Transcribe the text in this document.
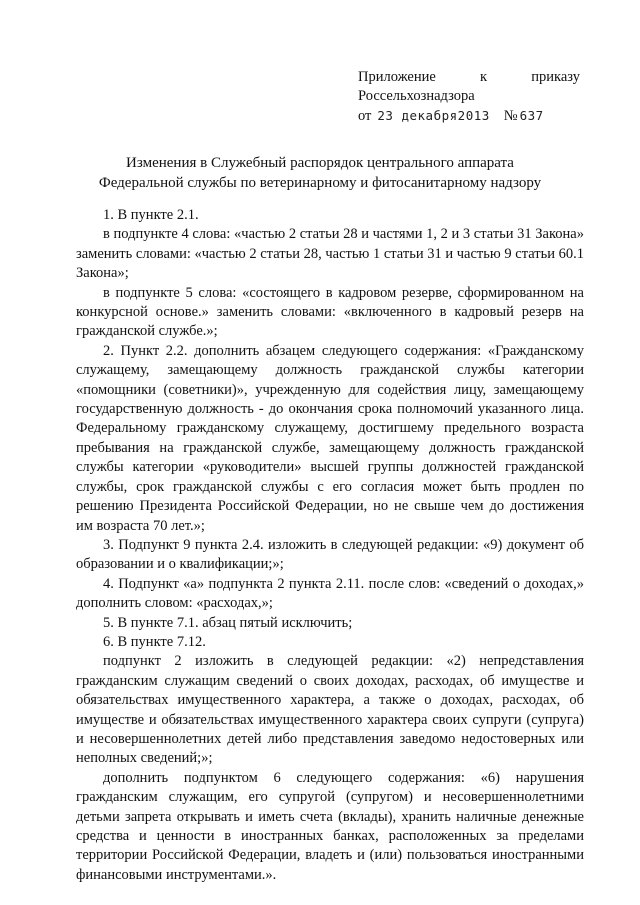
Приложение	к	приказу
Россельхознадзора
от 23 декабря2013 № 637
Изменения в Служебный распорядок центрального аппарата
Федеральной службы по ветеринарному и фитосанитарному надзору

1. В пункте 2.1.

в подпункте 4 слова: «частью 2 статьи 28 и частями 1, 2 и 3 статьи 31 Закона» заменить словами: «частью 2 статьи 28, частью 1 статьи 31 и частью 9 статьи 60.1 Закона»;

в подпункте 5 слова: «состоящего в кадровом резерве, сформированном на конкурсной основе.» заменить словами: «включенного в кадровый резерв на гражданской службе.»;

2. Пункт 2.2. дополнить абзацем следующего содержания: «Гражданскому служащему, замещающему должность гражданской службы категории «помощники (советники)», учрежденную для содействия лицу, замещающему государственную должность - до окончания срока полномочий указанного лица. Федеральному гражданскому служащему, достигшему предельного возраста пребывания на гражданской службе, замещающему должность гражданской службы категории «руководители» высшей группы должностей гражданской службы, срок гражданской службы с его согласия может быть продлен по решению Президента Российской Федерации, но не свыше чем до достижения им возраста 70 лет.»;

3. Подпункт 9 пункта 2.4. изложить в следующей редакции: «9) документ об образовании и о квалификации;»;

4. Подпункт «а» подпункта 2 пункта 2.11. после слов: «сведений о доходах,» дополнить словом: «расходах,»;

5. В пункте 7.1. абзац пятый исключить;

6. В пункте 7.12.

подпункт 2 изложить в следующей редакции: «2) непредставления гражданским служащим сведений о своих доходах, расходах, об имуществе и обязательствах имущественного характера, а также о доходах, расходах, об имуществе и обязательствах имущественного характера своих супруги (супруга) и несовершеннолетних детей либо представления заведомо недостоверных или неполных сведений;»;

дополнить подпунктом 6 следующего содержания: «6) нарушения гражданским служащим, его супругой (супругом) и несовершеннолетними детьми запрета открывать и иметь счета (вклады), хранить наличные денежные средства и ценности в иностранных банках, расположенных за пределами территории Российской Федерации, владеть и (или) пользоваться иностранными финансовыми инструментами.».
